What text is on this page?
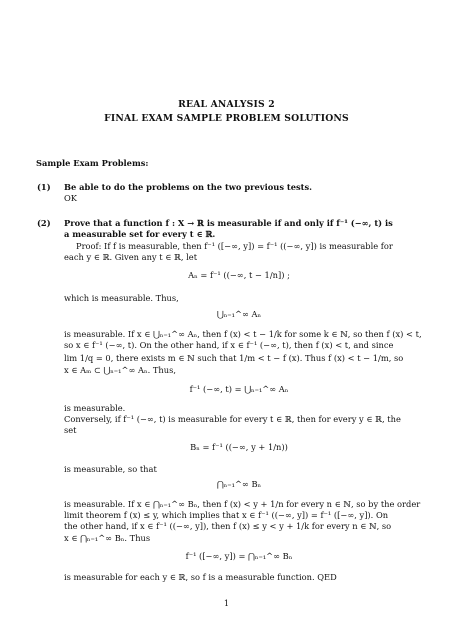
REAL ANALYSIS 2
FINAL EXAM SAMPLE PROBLEM SOLUTIONS
Sample Exam Problems:
(1) Be able to do the problems on the two previous tests.
OK
(2) Prove that a function f : X → ℝ is measurable if and only if f⁻¹ (−∞, t) is
a measurable set for every t ∈ ℝ.
Proof: If f is measurable, then f⁻¹ ([−∞, y]) = f⁻¹ ((−∞, y]) is measurable for
each y ∈ ℝ. Given any t ∈ ℝ, let
Aₙ = f⁻¹ ((−∞, t − 1/n]) ;
which is measurable. Thus,
⋃ₙ₌₁^∞ Aₙ
is measurable. If x ∈ ⋃ₙ₌₁^∞ Aₙ, then f (x) < t − 1/k for some k ∈ ℕ, so then f (x) < t,
so x ∈ f⁻¹ (−∞, t). On the other hand, if x ∈ f⁻¹ (−∞, t), then f (x) < t, and since
lim 1/q = 0, there exists m ∈ ℕ such that 1/m < t − f (x). Thus f (x) < t − 1/m, so
x ∈ Aₘ ⊂ ⋃ₙ₌₁^∞ Aₙ. Thus,
f⁻¹ (−∞, t) = ⋃ₙ₌₁^∞ Aₙ
is measurable.
Conversely, if f⁻¹ (−∞, t) is measurable for every t ∈ ℝ, then for every y ∈ ℝ, the
set
Bₙ = f⁻¹ ((−∞, y + 1/n))
is measurable, so that
⋂ₙ₌₁^∞ Bₙ
is measurable. If x ∈ ⋂ₙ₌₁^∞ Bₙ, then f (x) < y + 1/n for every n ∈ ℕ, so by the order
limit theorem f (x) ≤ y, which implies that x ∈ f⁻¹ ((−∞, y]) = f⁻¹ ([−∞, y]). On
the other hand, if x ∈ f⁻¹ ((−∞, y]), then f (x) ≤ y < y + 1/k for every n ∈ ℕ, so
x ∈ ⋂ₙ₌₁^∞ Bₙ. Thus
f⁻¹ ([−∞, y]) = ⋂ₙ₌₁^∞ Bₙ
is measurable for each y ∈ ℝ, so f is a measurable function. QED
1
